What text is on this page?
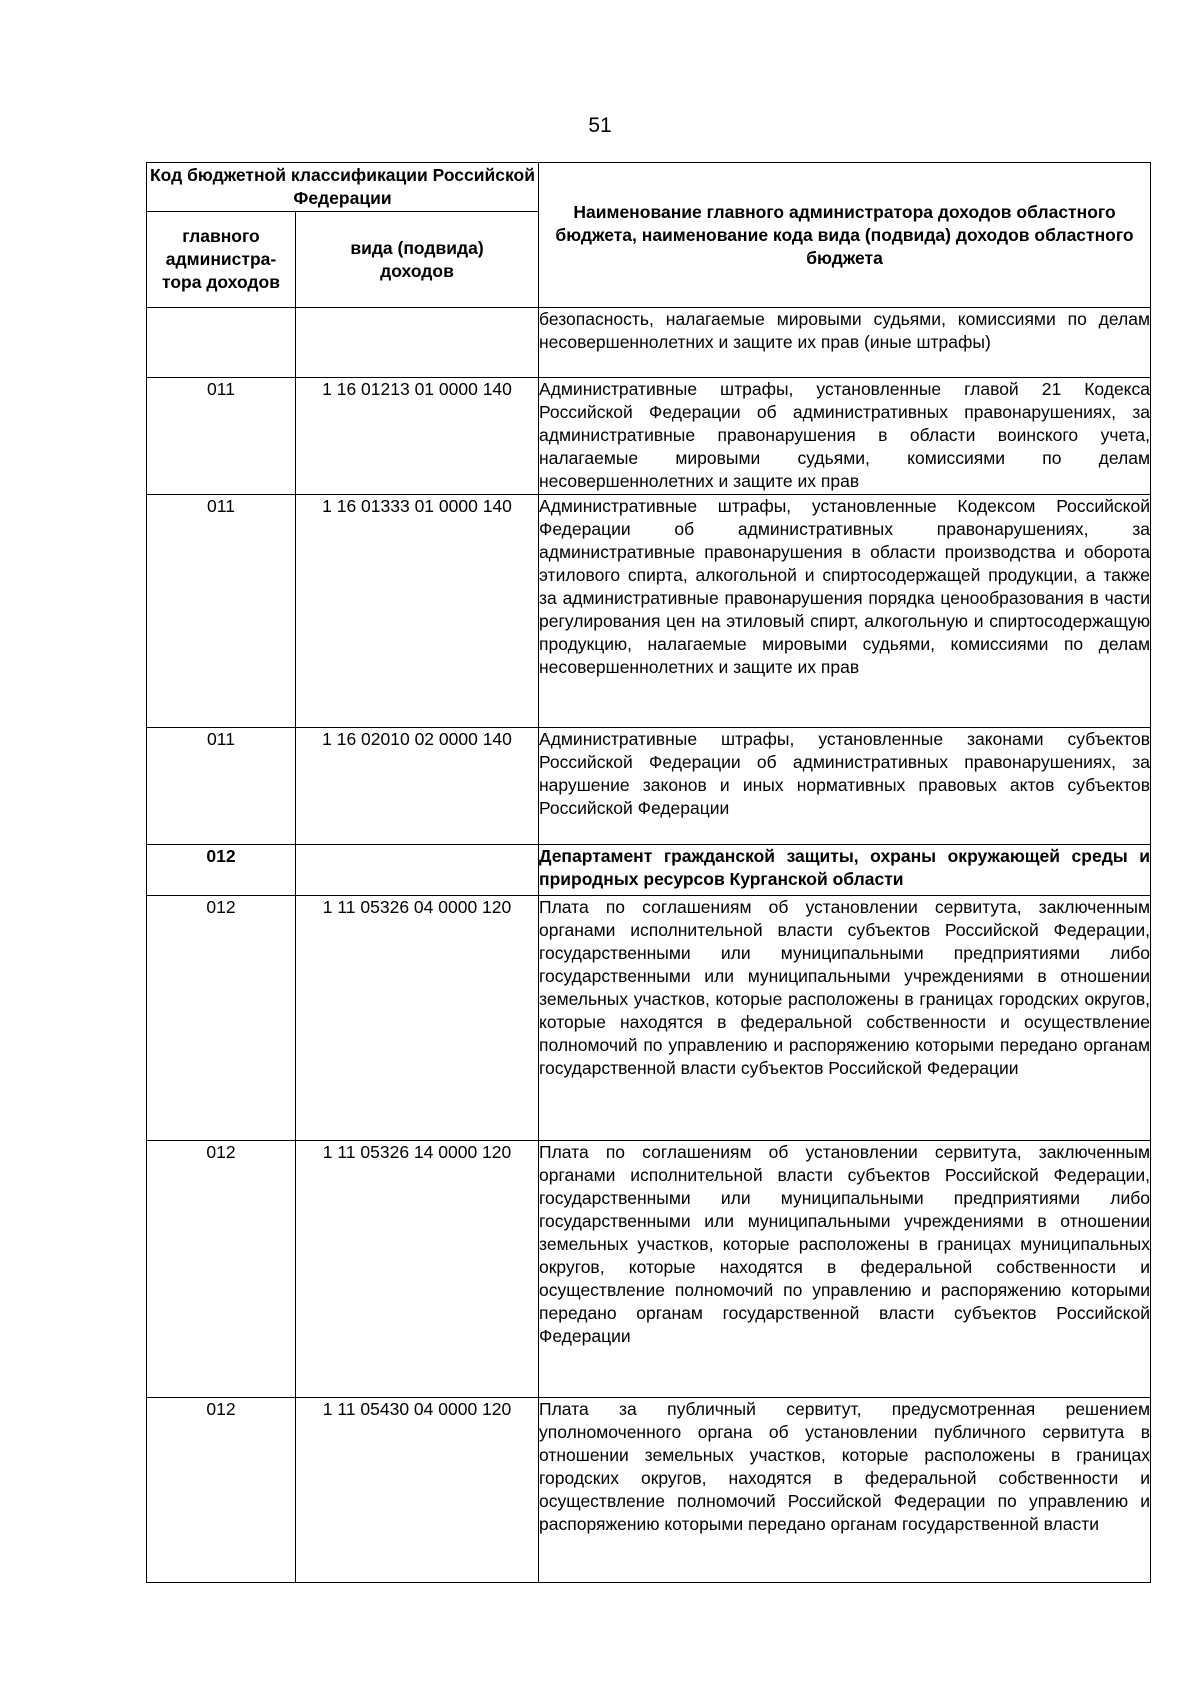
51
Код бюджетной классификации Российской Федерации		Наименование главного администратора доходов областного бюджета, наименование кода вида (подвида) доходов областного бюджета
главного администра-тора доходов	вида (подвида) доходов	
		безопасность, налагаемые мировыми судьями, комиссиями по делам несовершеннолетних и защите их прав (иные штрафы)
011	1 16 01213 01 0000 140	Административные штрафы, установленные главой 21 Кодекса Российской Федерации об административных правонарушениях, за административные правонарушения в области воинского учета, налагаемые мировыми судьями, комиссиями по делам несовершеннолетних и защите их прав
011	1 16 01333 01 0000 140	Административные штрафы, установленные Кодексом Российской Федерации об административных правонарушениях, за административные правонарушения в области производства и оборота этилового спирта, алкогольной и спиртосодержащей продукции, а также за административные правонарушения порядка ценообразования в части регулирования цен на этиловый спирт, алкогольную и спиртосодержащую продукцию, налагаемые мировыми судьями, комиссиями по делам несовершеннолетних и защите их прав
011	1 16 02010 02 0000 140	Административные штрафы, установленные законами субъектов Российской Федерации об административных правонарушениях, за нарушение законов и иных нормативных правовых актов субъектов Российской Федерации
012		Департамент гражданской защиты, охраны окружающей среды и природных ресурсов Курганской области
012	1 11 05326 04 0000 120	Плата по соглашениям об установлении сервитута, заключенным органами исполнительной власти субъектов Российской Федерации, государственными или муниципальными предприятиями либо государственными или муниципальными учреждениями в отношении земельных участков, которые расположены в границах городских округов, которые находятся в федеральной собственности и осуществление полномочий по управлению и распоряжению которыми передано органам государственной власти субъектов Российской Федерации
012	1 11 05326 14 0000 120	Плата по соглашениям об установлении сервитута, заключенным органами исполнительной власти субъектов Российской Федерации, государственными или муниципальными предприятиями либо государственными или муниципальными учреждениями в отношении земельных участков, которые расположены в границах муниципальных округов, которые находятся в федеральной собственности и осуществление полномочий по управлению и распоряжению которыми передано органам государственной власти субъектов Российской Федерации
012	1 11 05430 04 0000 120	Плата за публичный сервитут, предусмотренная решением уполномоченного органа об установлении публичного сервитута в отношении земельных участков, которые расположены в границах городских округов, находятся в федеральной собственности и осуществление полномочий Российской Федерации по управлению и распоряжению которыми передано органам государственной власти
